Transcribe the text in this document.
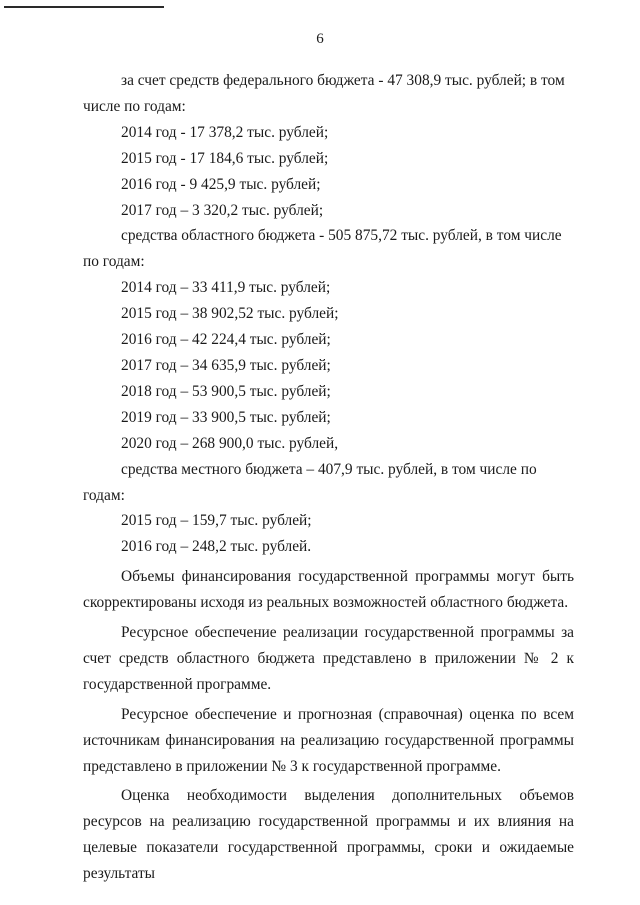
6

за счет средств федерального бюджета - 47 308,9 тыс. рублей; в том числе по годам:

2014 год - 17 378,2 тыс. рублей;

2015 год - 17 184,6 тыс. рублей;

2016 год - 9 425,9 тыс. рублей;

2017 год – 3 320,2 тыс. рублей;

средства областного бюджета - 505 875,72 тыс. рублей, в том числе по годам:

2014 год – 33 411,9 тыс. рублей;

2015 год – 38 902,52 тыс. рублей;

2016 год – 42 224,4 тыс. рублей;

2017 год – 34 635,9 тыс. рублей;

2018 год – 53 900,5 тыс. рублей;

2019 год – 33 900,5 тыс. рублей;

2020 год – 268 900,0 тыс. рублей,

средства местного бюджета – 407,9 тыс. рублей, в том числе по годам:

2015 год – 159,7 тыс. рублей;

2016 год – 248,2 тыс. рублей.

Объемы финансирования государственной программы могут быть скорректированы исходя из реальных возможностей областного бюджета.

Ресурсное обеспечение реализации государственной программы за счет средств областного бюджета представлено в приложении № 2 к государственной программе.

Ресурсное обеспечение и прогнозная (справочная) оценка по всем источникам финансирования на реализацию государственной программы представлено в приложении № 3 к государственной программе.

Оценка необходимости выделения дополнительных объемов ресурсов на реализацию государственной программы и их влияния на целевые показатели государственной программы, сроки и ожидаемые результаты
